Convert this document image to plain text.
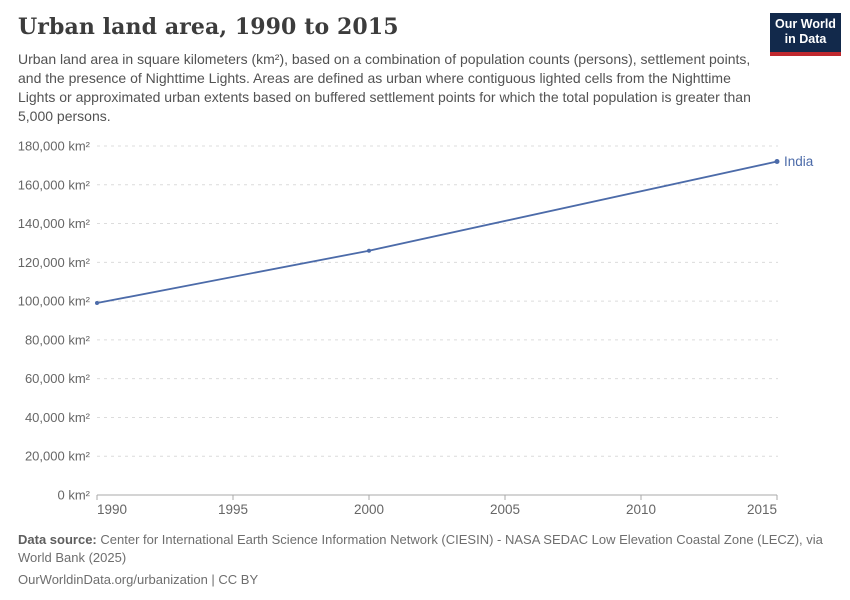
0 km²
20,000 km²
40,000 km²
60,000 km²
80,000 km²
100,000 km²
120,000 km²
140,000 km²
160,000 km²
180,000 km²
1990	1995	2000	2005	2010	2015
India
Urban land area, 1990 to 2015

Urban land area in square kilometers (km²), based on a combination of population counts (persons), settlement points, and the presence of Nighttime Lights. Areas are defined as urban where contiguous lighted cells from the Nighttime Lights or approximated urban extents based on buffered settlement points for which the total population is greater than 5,000 persons.

Our World
in Data

Data source: Center for International Earth Science Information Network (CIESIN) - NASA SEDAC Low Elevation Coastal Zone (LECZ), via World Bank (2025)

OurWorldinData.org/urbanization | CC BY
